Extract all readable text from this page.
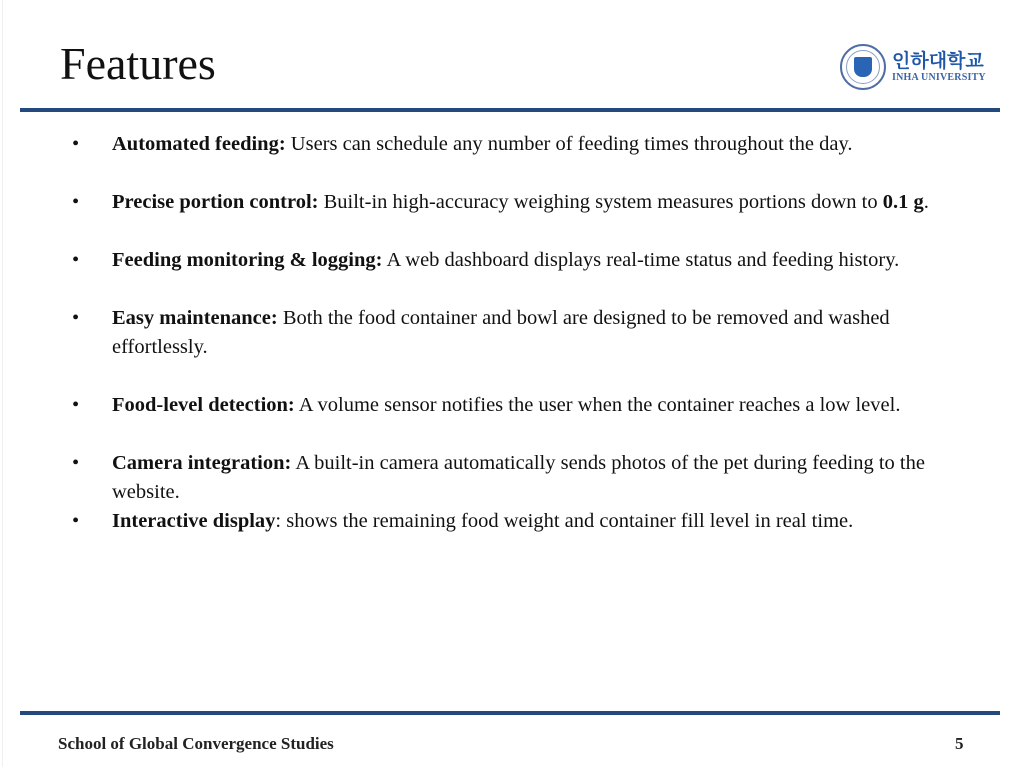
Features	인하대학교
INHA UNIVERSITY
•	Automated feeding: Users can schedule any number of feeding times throughout the day.
•	Precise portion control: Built-in high-accuracy weighing system measures portions down to 0.1 g.
•	Feeding monitoring & logging: A web dashboard displays real-time status and feeding history.
•	Easy maintenance: Both the food container and bowl are designed to be removed and washed effortlessly.
•	Food-level detection: A volume sensor notifies the user when the container reaches a low level.
•	Camera integration: A built-in camera automatically sends photos of the pet during feeding to the website.
•	Interactive display: shows the remaining food weight and container fill level in real time.
School of Global Convergence Studies	5
